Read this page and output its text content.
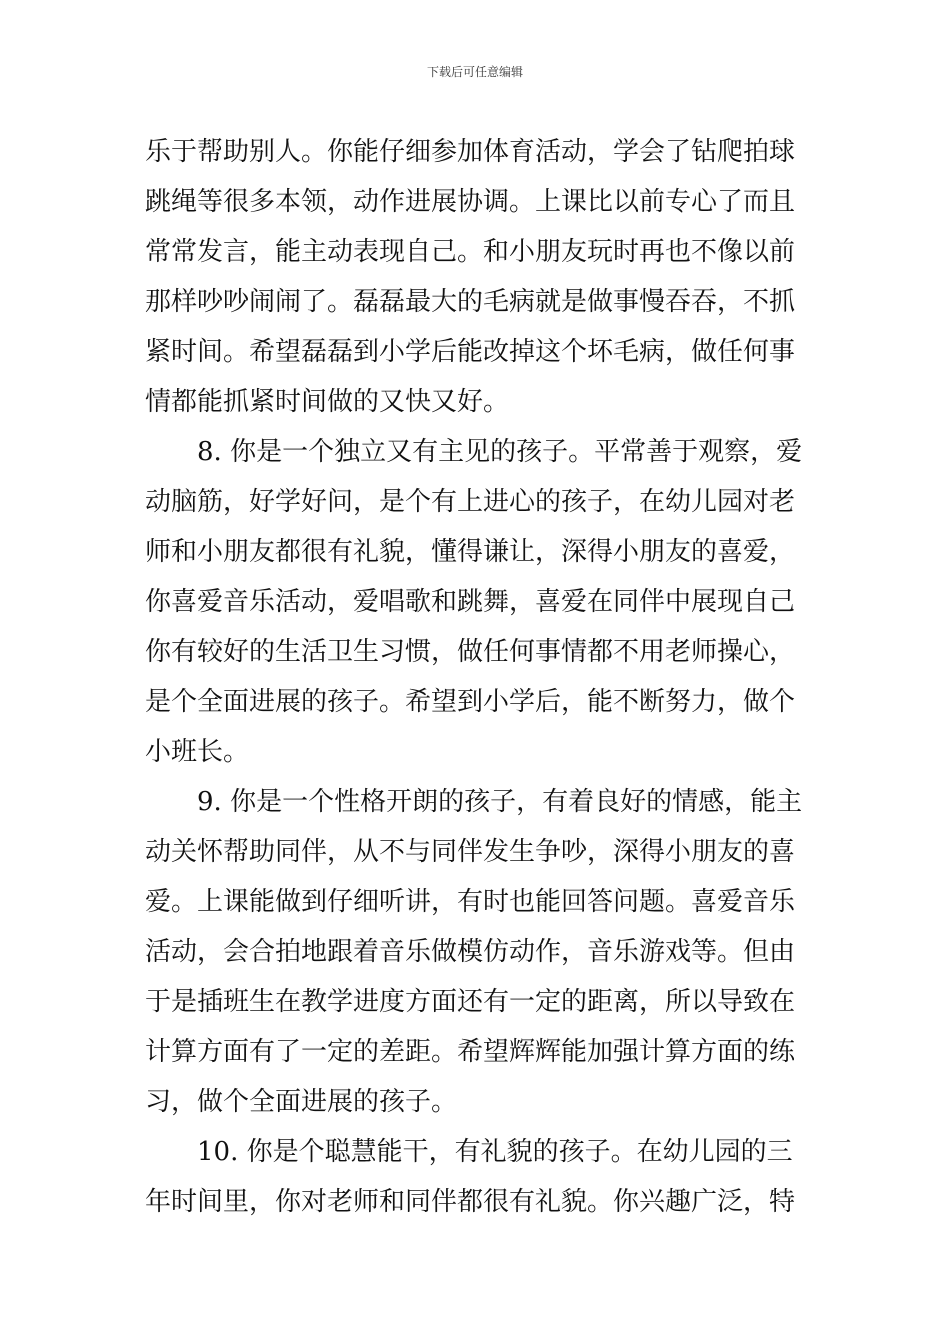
下载后可任意编辑
乐于帮助别人。你能仔细参加体育活动，学会了钻爬拍球
跳绳等很多本领，动作进展协调。上课比以前专心了而且
常常发言，能主动表现自己。和小朋友玩时再也不像以前
那样吵吵闹闹了。磊磊最大的毛病就是做事慢吞吞，不抓
紧时间。希望磊磊到小学后能改掉这个坏毛病，做任何事
情都能抓紧时间做的又快又好。
8. 你是一个独立又有主见的孩子。平常善于观察，爱
动脑筋，好学好问，是个有上进心的孩子，在幼儿园对老
师和小朋友都很有礼貌，懂得谦让，深得小朋友的喜爱，
你喜爱音乐活动，爱唱歌和跳舞，喜爱在同伴中展现自己
你有较好的生活卫生习惯，做任何事情都不用老师操心，
是个全面进展的孩子。希望到小学后，能不断努力，做个
小班长。
9. 你是一个性格开朗的孩子，有着良好的情感，能主
动关怀帮助同伴，从不与同伴发生争吵，深得小朋友的喜
爱。上课能做到仔细听讲，有时也能回答问题。喜爱音乐
活动，会合拍地跟着音乐做模仿动作，音乐游戏等。但由
于是插班生在教学进度方面还有一定的距离，所以导致在
计算方面有了一定的差距。希望辉辉能加强计算方面的练
习，做个全面进展的孩子。
10. 你是个聪慧能干，有礼貌的孩子。在幼儿园的三
年时间里，你对老师和同伴都很有礼貌。你兴趣广泛，特
